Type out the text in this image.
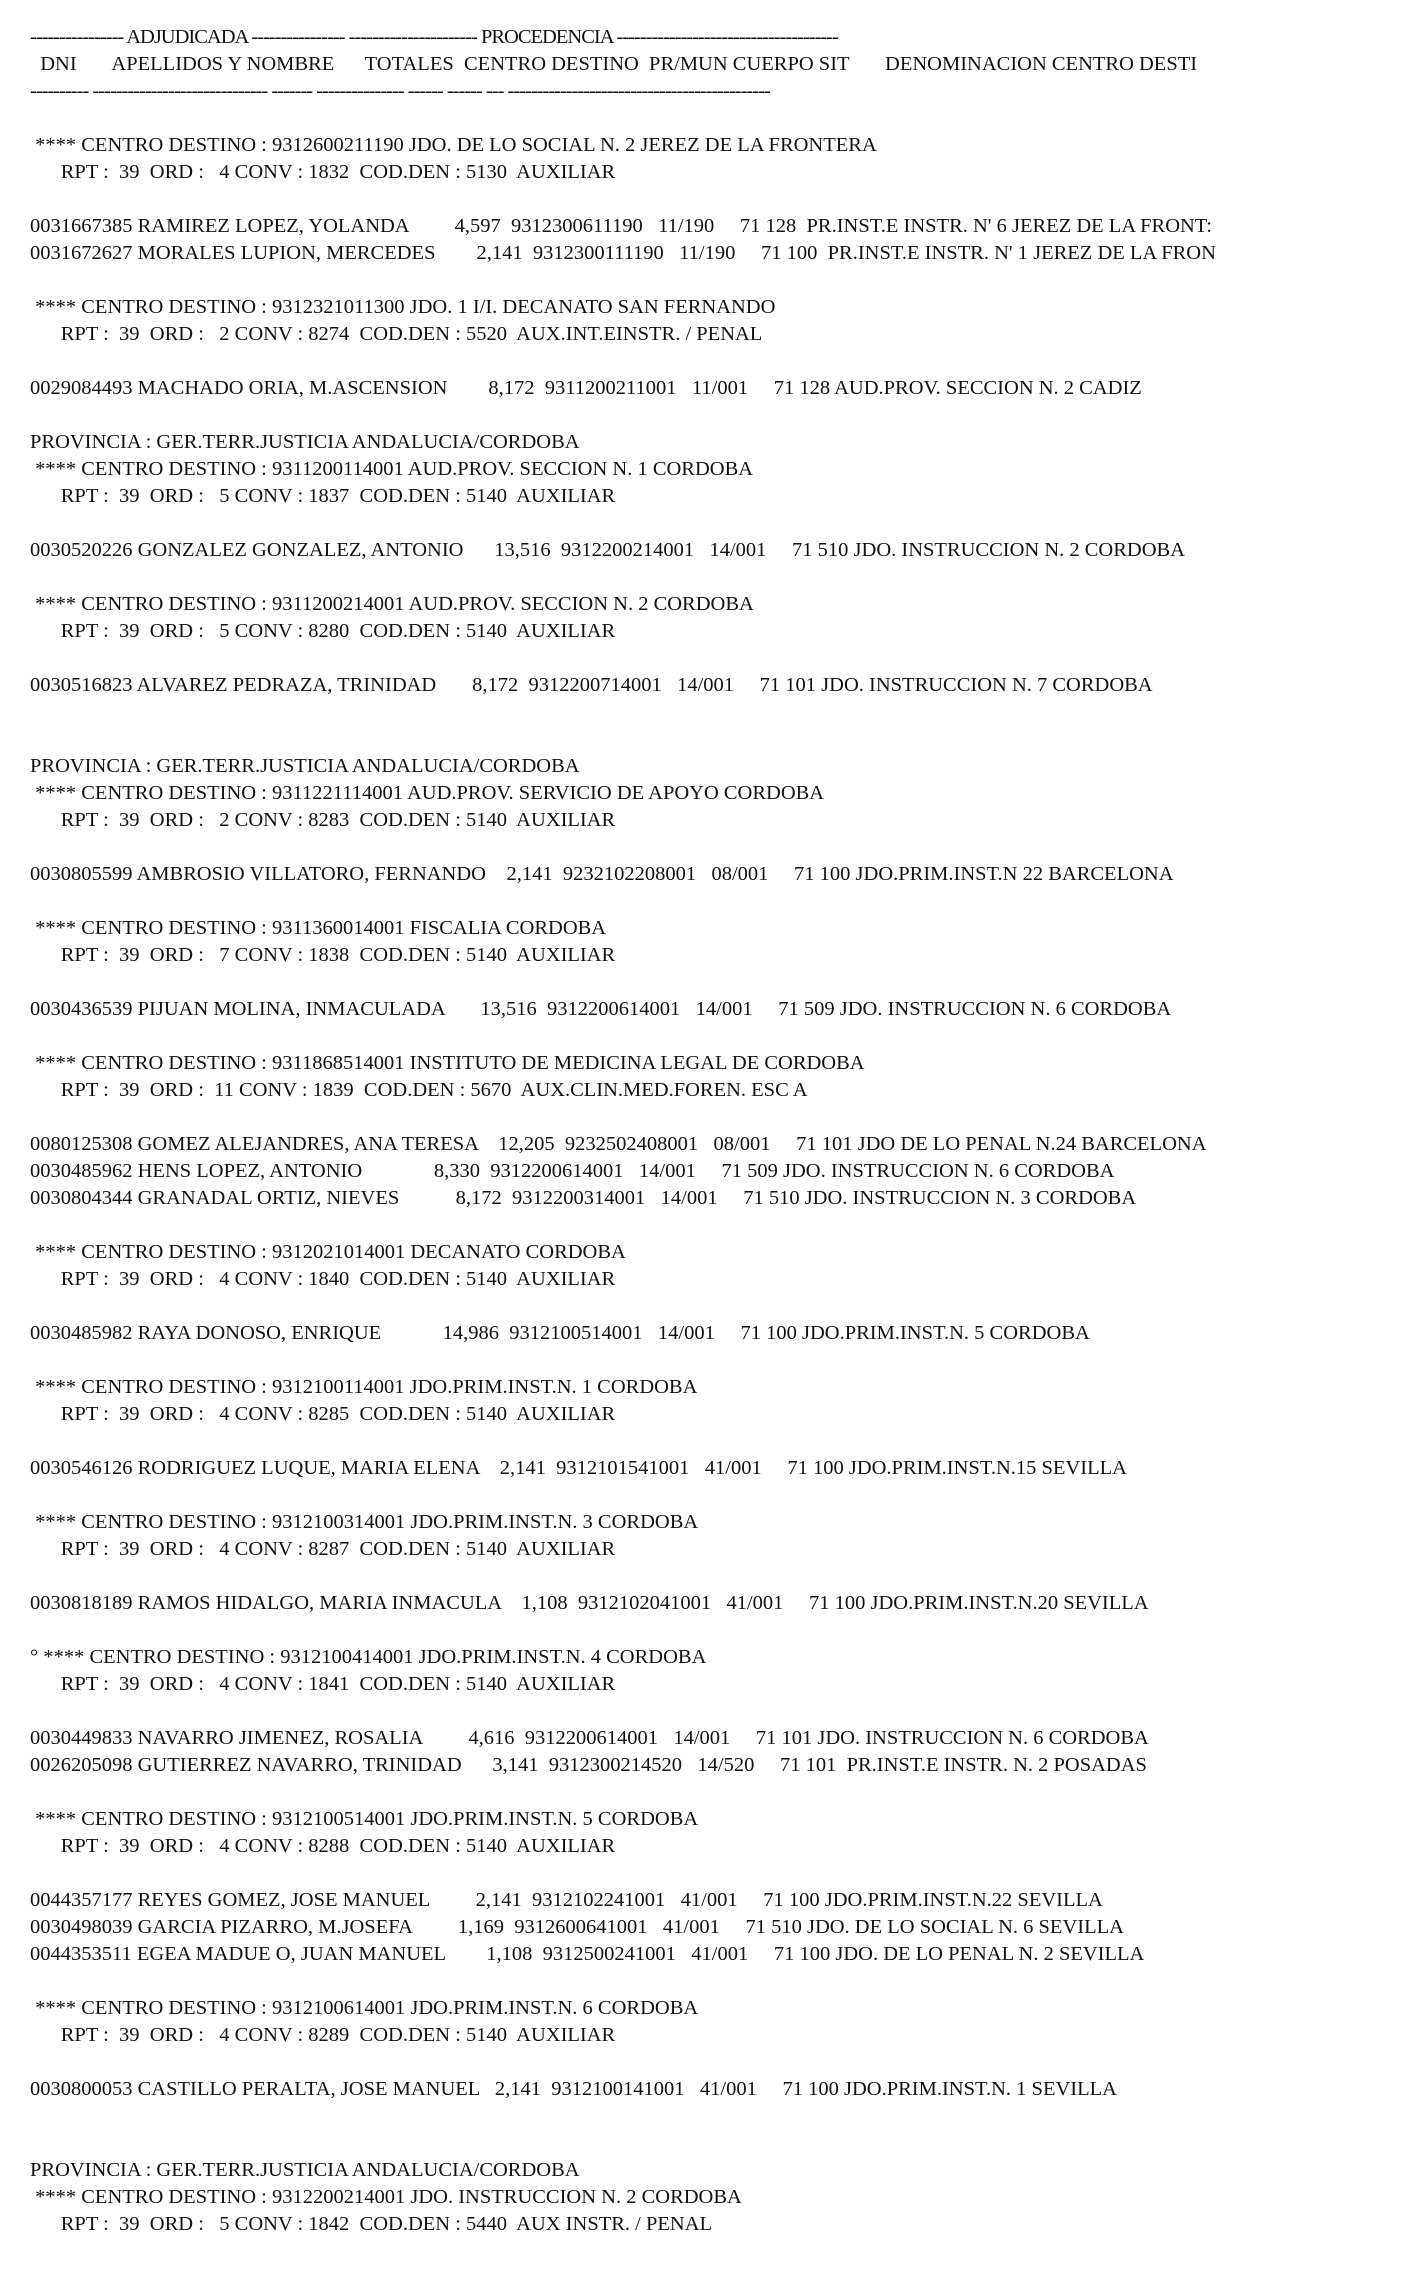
---------------- ADJUDICADA ---------------- ---------------------- PROCEDENCIA --------------------------------------
DNI       APELLIDOS Y NOMBRE      TOTALES  CENTRO DESTINO  PR/MUN CUERPO SIT       DENOMINACION CENTRO DESTI
---------- ------------------------------ ------- --------------- ------ ------ --- ---------------------------------------------
**** CENTRO DESTINO : 9312600211190 JDO. DE LO SOCIAL N. 2 JEREZ DE LA FRONTERA
RPT :  39  ORD :   4 CONV : 1832  COD.DEN : 5130  AUXILIAR
0031667385 RAMIREZ LOPEZ, YOLANDA         4,597  9312300611190   11/190     71 128  PR.INST.E INSTR. N' 6 JEREZ DE LA FRONT:
0031672627 MORALES LUPION, MERCEDES        2,141  9312300111190   11/190     71 100  PR.INST.E INSTR. N' 1 JEREZ DE LA FRON
**** CENTRO DESTINO : 9312321011300 JDO. 1 I/I. DECANATO SAN FERNANDO
RPT :  39  ORD :   2 CONV : 8274  COD.DEN : 5520  AUX.INT.EINSTR. / PENAL
0029084493 MACHADO ORIA, M.ASCENSION        8,172  9311200211001   11/001     71 128 AUD.PROV. SECCION N. 2 CADIZ
PROVINCIA : GER.TERR.JUSTICIA ANDALUCIA/CORDOBA
**** CENTRO DESTINO : 9311200114001 AUD.PROV. SECCION N. 1 CORDOBA
RPT :  39  ORD :   5 CONV : 1837  COD.DEN : 5140  AUXILIAR
0030520226 GONZALEZ GONZALEZ, ANTONIO      13,516  9312200214001   14/001     71 510 JDO. INSTRUCCION N. 2 CORDOBA
**** CENTRO DESTINO : 9311200214001 AUD.PROV. SECCION N. 2 CORDOBA
RPT :  39  ORD :   5 CONV : 8280  COD.DEN : 5140  AUXILIAR
0030516823 ALVAREZ PEDRAZA, TRINIDAD       8,172  9312200714001   14/001     71 101 JDO. INSTRUCCION N. 7 CORDOBA
PROVINCIA : GER.TERR.JUSTICIA ANDALUCIA/CORDOBA
**** CENTRO DESTINO : 9311221114001 AUD.PROV. SERVICIO DE APOYO CORDOBA
RPT :  39  ORD :   2 CONV : 8283  COD.DEN : 5140  AUXILIAR
0030805599 AMBROSIO VILLATORO, FERNANDO    2,141  9232102208001   08/001     71 100 JDO.PRIM.INST.N 22 BARCELONA
**** CENTRO DESTINO : 9311360014001 FISCALIA CORDOBA
RPT :  39  ORD :   7 CONV : 1838  COD.DEN : 5140  AUXILIAR
0030436539 PIJUAN MOLINA, INMACULADA       13,516  9312200614001   14/001     71 509 JDO. INSTRUCCION N. 6 CORDOBA
**** CENTRO DESTINO : 9311868514001 INSTITUTO DE MEDICINA LEGAL DE CORDOBA
RPT :  39  ORD :  11 CONV : 1839  COD.DEN : 5670  AUX.CLIN.MED.FOREN. ESC A
0080125308 GOMEZ ALEJANDRES, ANA TERESA    12,205  9232502408001   08/001     71 101 JDO DE LO PENAL N.24 BARCELONA
0030485962 HENS LOPEZ, ANTONIO              8,330  9312200614001   14/001     71 509 JDO. INSTRUCCION N. 6 CORDOBA
0030804344 GRANADAL ORTIZ, NIEVES           8,172  9312200314001   14/001     71 510 JDO. INSTRUCCION N. 3 CORDOBA
**** CENTRO DESTINO : 9312021014001 DECANATO CORDOBA
RPT :  39  ORD :   4 CONV : 1840  COD.DEN : 5140  AUXILIAR
0030485982 RAYA DONOSO, ENRIQUE            14,986  9312100514001   14/001     71 100 JDO.PRIM.INST.N. 5 CORDOBA
**** CENTRO DESTINO : 9312100114001 JDO.PRIM.INST.N. 1 CORDOBA
RPT :  39  ORD :   4 CONV : 8285  COD.DEN : 5140  AUXILIAR
0030546126 RODRIGUEZ LUQUE, MARIA ELENA    2,141  9312101541001   41/001     71 100 JDO.PRIM.INST.N.15 SEVILLA
**** CENTRO DESTINO : 9312100314001 JDO.PRIM.INST.N. 3 CORDOBA
RPT :  39  ORD :   4 CONV : 8287  COD.DEN : 5140  AUXILIAR
0030818189 RAMOS HIDALGO, MARIA INMACULA    1,108  9312102041001   41/001     71 100 JDO.PRIM.INST.N.20 SEVILLA
° **** CENTRO DESTINO : 9312100414001 JDO.PRIM.INST.N. 4 CORDOBA
RPT :  39  ORD :   4 CONV : 1841  COD.DEN : 5140  AUXILIAR
0030449833 NAVARRO JIMENEZ, ROSALIA         4,616  9312200614001   14/001     71 101 JDO. INSTRUCCION N. 6 CORDOBA
0026205098 GUTIERREZ NAVARRO, TRINIDAD      3,141  9312300214520   14/520     71 101  PR.INST.E INSTR. N. 2 POSADAS
**** CENTRO DESTINO : 9312100514001 JDO.PRIM.INST.N. 5 CORDOBA
RPT :  39  ORD :   4 CONV : 8288  COD.DEN : 5140  AUXILIAR
0044357177 REYES GOMEZ, JOSE MANUEL         2,141  9312102241001   41/001     71 100 JDO.PRIM.INST.N.22 SEVILLA
0030498039 GARCIA PIZARRO, M.JOSEFA         1,169  9312600641001   41/001     71 510 JDO. DE LO SOCIAL N. 6 SEVILLA
0044353511 EGEA MADUE O, JUAN MANUEL        1,108  9312500241001   41/001     71 100 JDO. DE LO PENAL N. 2 SEVILLA
**** CENTRO DESTINO : 9312100614001 JDO.PRIM.INST.N. 6 CORDOBA
RPT :  39  ORD :   4 CONV : 8289  COD.DEN : 5140  AUXILIAR
0030800053 CASTILLO PERALTA, JOSE MANUEL   2,141  9312100141001   41/001     71 100 JDO.PRIM.INST.N. 1 SEVILLA
PROVINCIA : GER.TERR.JUSTICIA ANDALUCIA/CORDOBA
**** CENTRO DESTINO : 9312200214001 JDO. INSTRUCCION N. 2 CORDOBA
RPT :  39  ORD :   5 CONV : 1842  COD.DEN : 5440  AUX INSTR. / PENAL
